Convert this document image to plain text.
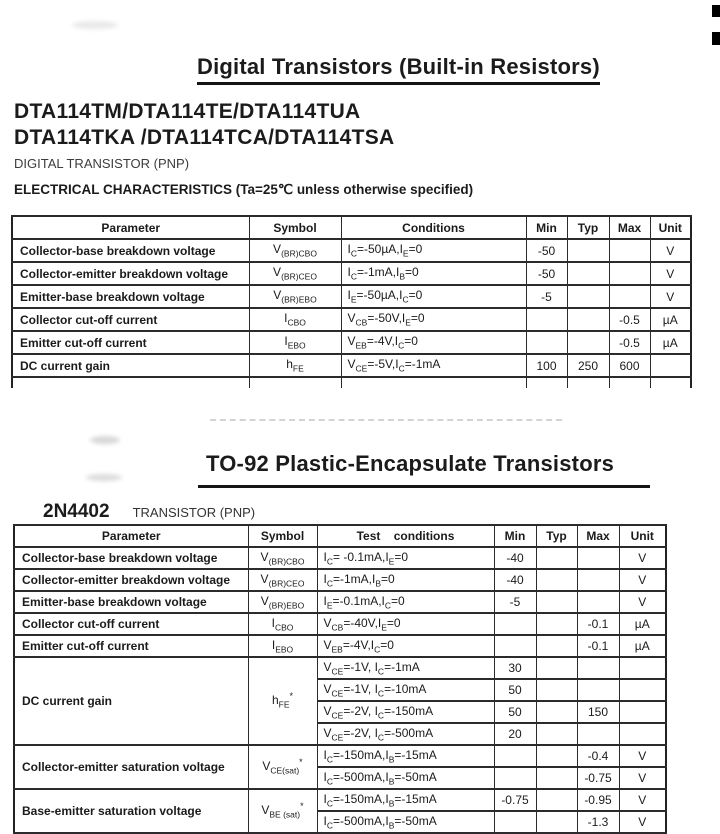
Digital Transistors (Built-in Resistors)
DTA114TM/DTA114TE/DTA114TUA
DTA114TKA /DTA114TCA/DTA114TSA
DIGITAL TRANSISTOR (PNP)
ELECTRICAL CHARACTERISTICS (Ta=25℃ unless otherwise specified)
Parameter	Symbol	Conditions	Min	Typ	Max	Unit
Collector-base breakdown voltage	$V_{(BR)CBO}$	$I_C=-50\mu A,I_E=0$	-50			V
Collector-emitter breakdown voltage	$V_{(BR)CEO}$	$I_C=-1mA,I_B=0$	-50			V
Emitter-base breakdown voltage	$V_{(BR)EBO}$	$I_E=-50\mu A,I_C=0$	-5			V
Collector cut-off current	$I_{CBO}$	$V_{CB}=-50V,I_E=0$			-0.5	µA
Emitter cut-off current	$I_{EBO}$	$V_{EB}=-4V,I_C=0$			-0.5	µA
DC current gain	$h_{FE}$	$V_{CE}=-5V,I_C=-1mA$	100	250	600	

TO-92 Plastic-Encapsulate Transistors
2N4402 TRANSISTOR (PNP)
Parameter	Symbol	Test    conditions	Min	Typ	Max	Unit
Collector-base breakdown voltage	$V_{(BR)CBO}$	$I_C= -0.1mA,I_E=0$	-40			V
Collector-emitter breakdown voltage	$V_{(BR)CEO}$	$I_C=-1mA,I_B=0$	-40			V
Emitter-base breakdown voltage	$V_{(BR)EBO}$	$I_E=-0.1mA,I_C=0$	-5			V
Collector cut-off current	$I_{CBO}$	$V_{CB}=-40V,I_E=0$			-0.1	µA
Emitter cut-off current	$I_{EBO}$	$V_{EB}=-4V,I_C=0$			-0.1	µA
DC current gain	$h_{FE}^*$	$V_{CE}=-1V$, $I_C=-1mA$	30			
		$V_{CE}=-1V$, $I_C=-10mA$	50			
		$V_{CE}=-2V$, $I_C=-150mA$	50		150	
		$V_{CE}=-2V$, $I_C=-500mA$	20			
Collector-emitter saturation voltage	$V_{CE(sat)}^*$	$I_C=-150mA,I_B=-15mA$			-0.4	V
		$I_C=-500mA,I_B=-50mA$			-0.75	V
Base-emitter saturation voltage	$V_{BE (sat)}^*$	$I_C=-150mA,I_B=-15mA$	-0.75		-0.95	V
		$I_C=-500mA,I_B=-50mA$			-1.3	V
